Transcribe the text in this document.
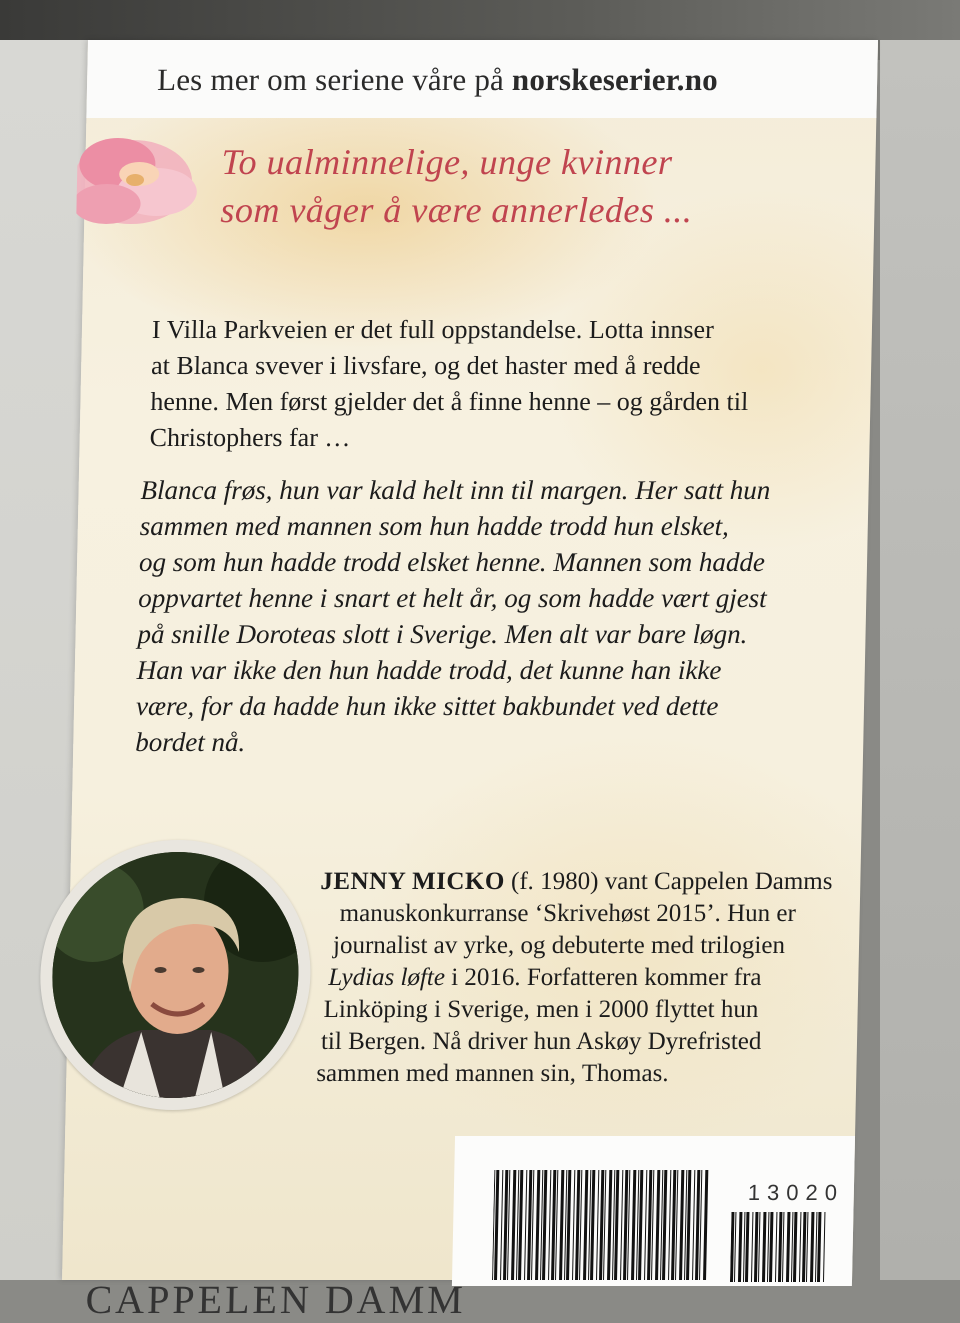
Les mer om seriene våre på norskeserier.no
To ualminnelige, unge kvinner
som våger å være annerledes ...
I Villa Parkveien er det full oppstandelse. Lotta innser
at Blanca svever i livsfare, og det haster med å redde
henne. Men først gjelder det å finne henne – og gården til
Christophers far …
Blanca frøs, hun var kald helt inn til margen. Her satt hun
sammen med mannen som hun hadde trodd hun elsket,
og som hun hadde trodd elsket henne. Mannen som hadde
oppvartet henne i snart et helt år, og som hadde vært gjest
på snille Doroteas slott i Sverige. Men alt var bare løgn.
Han var ikke den hun hadde trodd, det kunne han ikke
være, for da hadde hun ikke sittet bakbundet ved dette
bordet nå.
JENNY MICKO (f. 1980) vant Cappelen Damms
manuskonkurranse ‘Skrivehøst 2015’. Hun er
journalist av yrke, og debuterte med trilogien
Lydias løfte i 2016. Forfatteren kommer fra
Linköping i Sverige, men i 2000 flyttet hun
til Bergen. Nå driver hun Askøy Dyrefristed
sammen med mannen sin, Thomas.
13020
CAPPELEN DAMM
